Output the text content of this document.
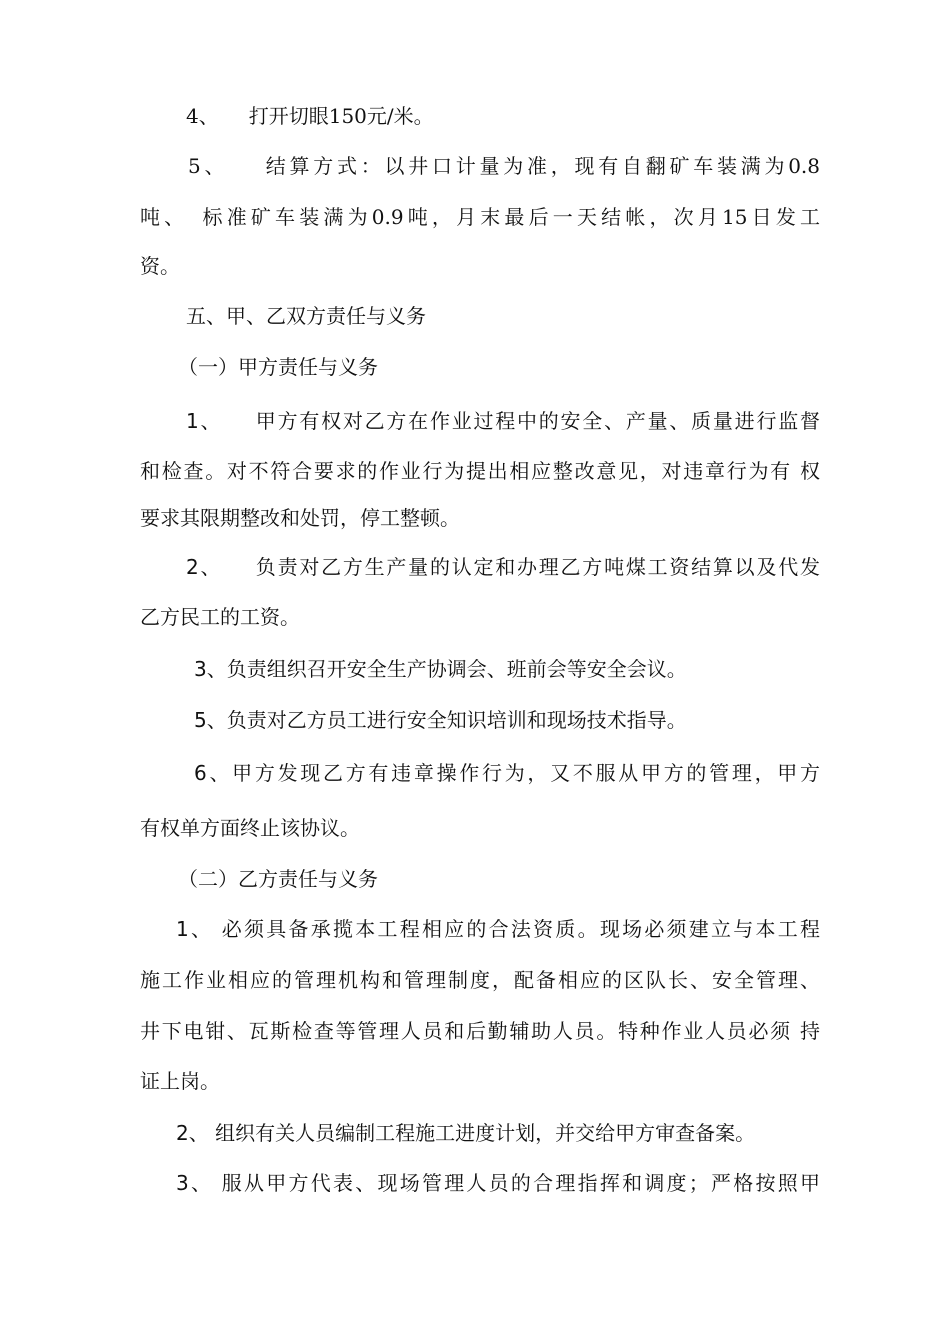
4、　　打开切眼150元/米。
5、　　结算方式：以井口计量为准，现有自翻矿车装满为0.8
吨、　标准矿车装满为0.9吨，月末最后一天结帐，次月15日发工
资。
五、甲、乙双方责任与义务
（一）甲方责任与义务
1、　　甲方有权对乙方在作业过程中的安全、产量、质量进行监督
和检查。对不符合要求的作业行为提出相应整改意见，对违章行为有 权
要求其限期整改和处罚，停工整顿。
2、　　负责对乙方生产量的认定和办理乙方吨煤工资结算以及代发
乙方民工的工资。
3、负责组织召开安全生产协调会、班前会等安全会议。
5、负责对乙方员工进行安全知识培训和现场技术指导。
6、甲方发现乙方有违章操作行为，又不服从甲方的管理，甲方
有权单方面终止该协议。
（二）乙方责任与义务
1、 必须具备承揽本工程相应的合法资质。现场必须建立与本工程
施工作业相应的管理机构和管理制度，配备相应的区队长、安全管理、
井下电钳、瓦斯检查等管理人员和后勤辅助人员。特种作业人员必须 持
证上岗。
2、 组织有关人员编制工程施工进度计划，并交给甲方审查备案。
3、 服从甲方代表、现场管理人员的合理指挥和调度；严格按照甲
